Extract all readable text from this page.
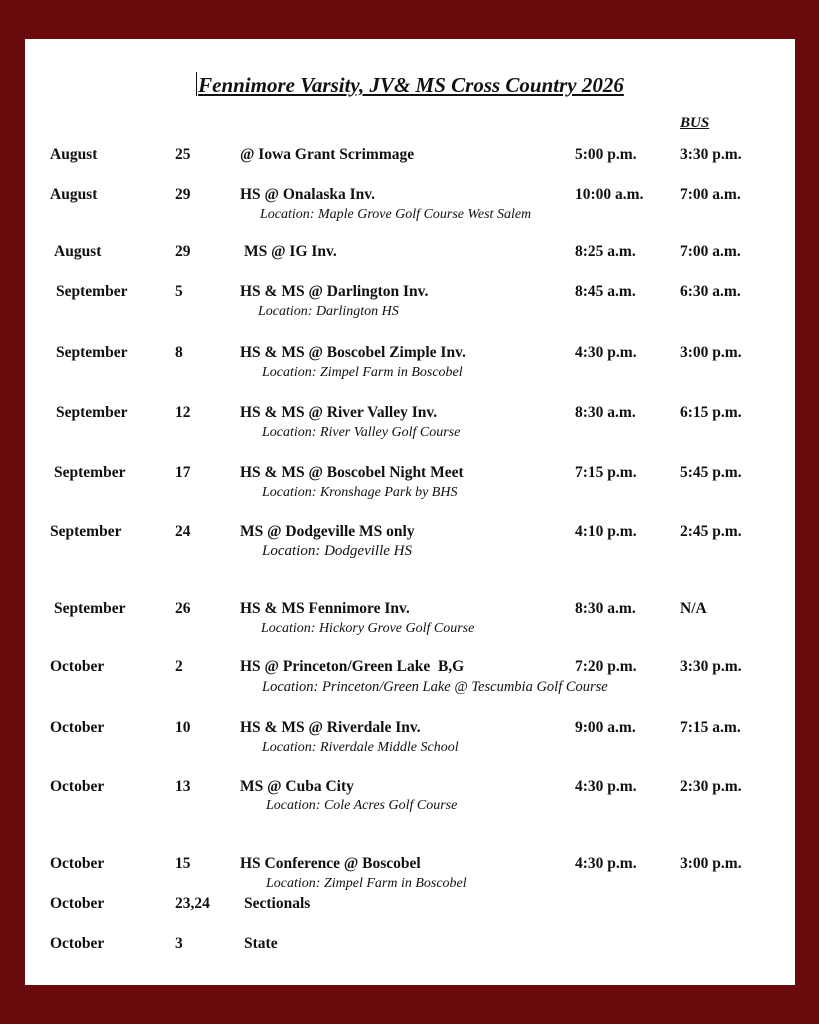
Fennimore Varsity, JV& MS Cross Country 2026
BUS
August	25	@ Iowa Grant Scrimmage	5:00 p.m.	3:30 p.m.
August	29	HS @ Onalaska Inv.	10:00 a.m. 7:00 a.m.
Location: Maple Grove Golf Course West Salem
August	29	MS @ IG Inv.	8:25 a.m.	7:00 a.m.
September	5	HS & MS @ Darlington Inv.	8:45 a.m.	6:30 a.m.
Location: Darlington HS
September	8	HS & MS @ Boscobel Zimple Inv.	4:30 p.m.	3:00 p.m.
Location: Zimpel Farm in Boscobel
September	12	HS & MS @ River Valley Inv.	8:30 a.m.	6:15 p.m.
Location: River Valley Golf Course
September	17	HS & MS @ Boscobel Night Meet	7:15 p.m.	5:45 p.m.
Location: Kronshage Park by BHS
September	24	MS @ Dodgeville MS only	4:10 p.m.	2:45 p.m.
Location: Dodgeville HS
September	26	HS & MS Fennimore Inv.	8:30 a.m.	N/A
Location: Hickory Grove Golf Course
October	2	HS @ Princeton/Green Lake  B,G	7:20 p.m.	3:30 p.m.
Location: Princeton/Green Lake @ Tescumbia Golf Course
October	10	HS & MS @ Riverdale Inv.	9:00 a.m.	7:15 a.m.
Location: Riverdale Middle School
October	13	MS @ Cuba City	4:30 p.m.	2:30 p.m.
Location: Cole Acres Golf Course
October	15	HS Conference @ Boscobel	4:30 p.m.	3:00 p.m.
Location: Zimpel Farm in Boscobel
October	23,24 Sectionals
October	3	State
